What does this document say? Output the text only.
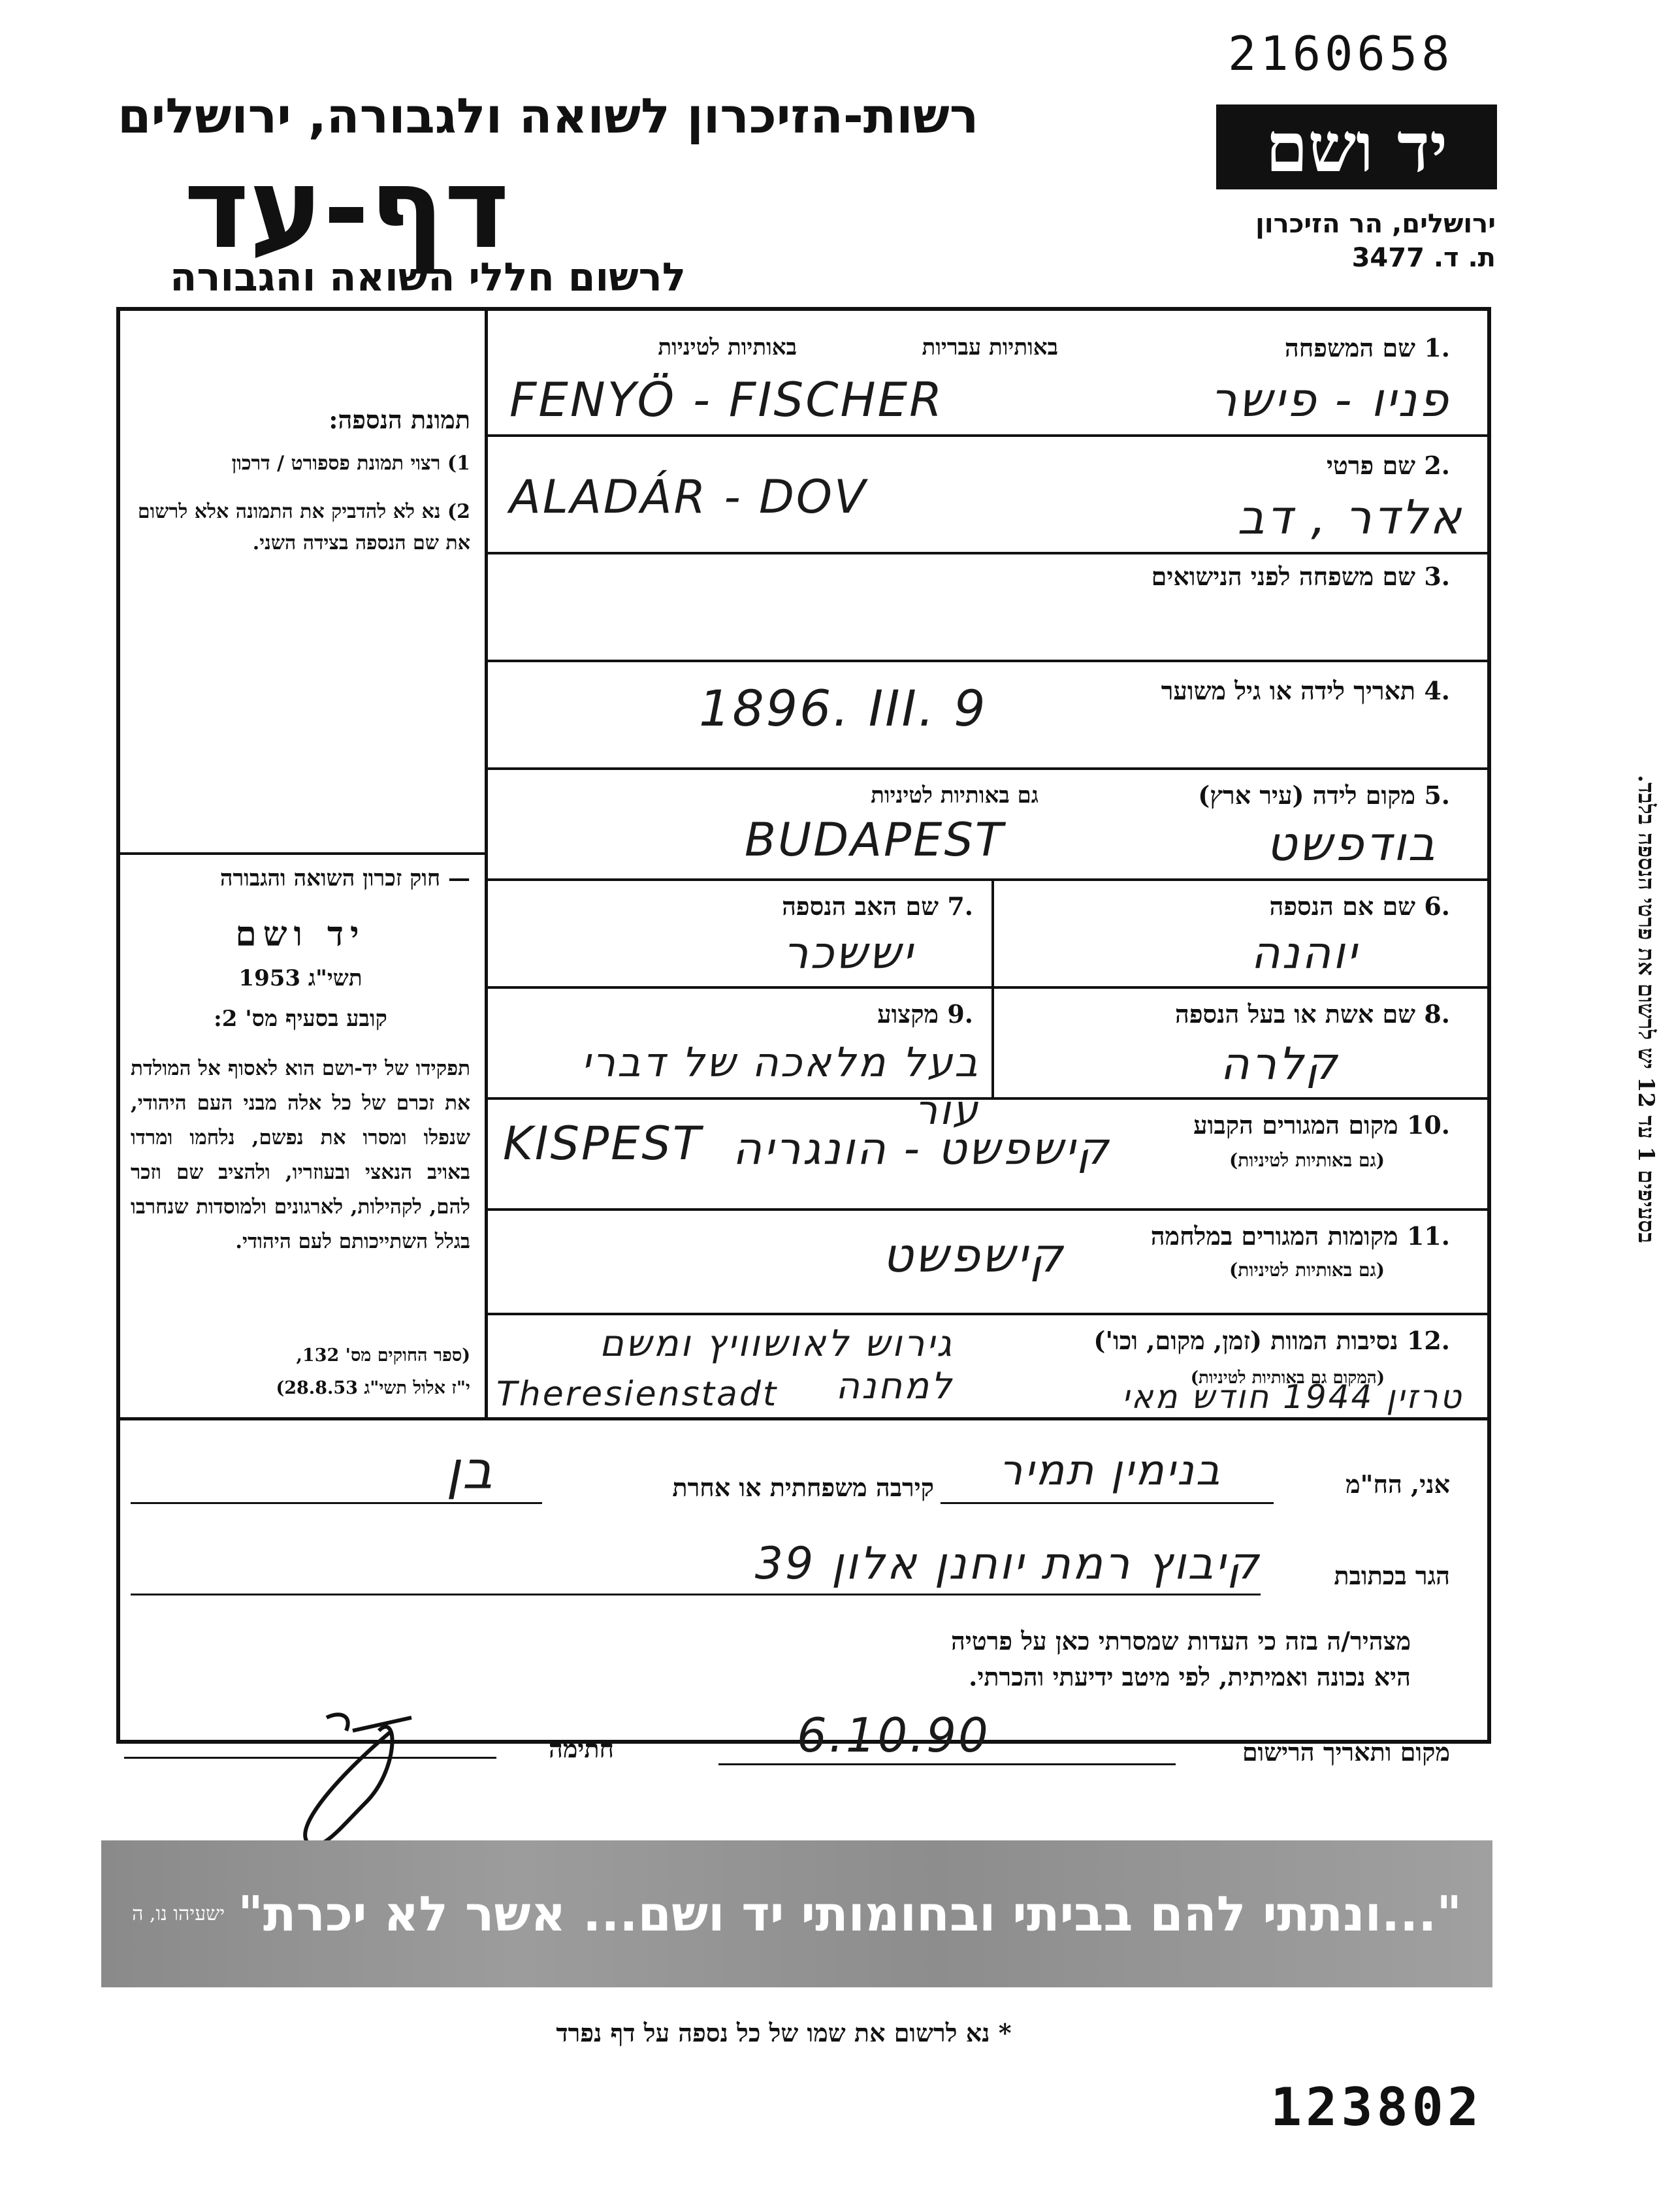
2160658
רשות-הזיכרון לשואה ולגבורה, ירושלים
דף-עד
לרשום חללי השואה והגבורה
יד ושם
ירושלים, הר הזיכרון
ת. ד. 3477
תמונת הנספה:
1) רצוי תמונת פספורט / דרכון
2) נא לא להדביק את התמונה אלא לרשום את שם הנספה בצידה השני.
— חוק זכרון השואה והגבורה
יד ושם
תשי"ג 1953
קובע בסעיף מס' 2:
תפקידו של יד-ושם הוא לאסוף אל המולדת את זכרם של כל אלה מבני העם היהודי, שנפלו ומסרו את נפשם, נלחמו ומרדו באויב הנאצי ובעוזריו, ולהציב שם וזכר להם, לקהילות, לארגונים ולמוסדות שנחרבו בגלל השתייכותם לעם היהודי.
(ספר החוקים מס' 132,
י"ז אלול תשי"ג 28.8.53)
בסעיפים 1 עד 12 יש לרשום את פרטי הנספה בלבד.
.1 שם המשפחה
באותיות עבריות
באותיות לטיניות
FENYÖ - FISCHER	פניו - פישר
.2 שם פרטי
ALADÁR - DOV	אלדר , דב
.3 שם משפחה לפני הנישואים
.4 תאריך לידה או גיל משוער
1896. III. 9
.5 מקום לידה (עיר ארץ)
גם באותיות לטיניות
BUDAPEST	בודפשט
.6 שם אם הנספה
יוהנה
.7 שם האב הנספה
יששכר
.8 שם אשת או בעל הנספה
קלרה
.9 מקצוע
בעל מלאכה של דברי עור	.10 מקום המגורים הקבוע
(גם באותיות לטיניות)
KISPEST קישפשט - הונגריה
.11 מקומות המגורים במלחמה
(גם באותיות לטיניות)
קישפשט
.12 נסיבות המוות (זמן, מקום, וכו')
(המקום גם באותיות לטיניות)
גירוש לאושוויץ ומשם למחנה
Theresienstadt	טרזין 1944 חודש מאי
אני, הח"מ
בנימין תמיר
קירבה משפחתית או אחרת
בן
הגר בכתובת
קיבוץ רמת יוחנן אלון 39
מצהיר/ה בזה כי העדות שמסרתי כאן על פרטיה
היא נכונה ואמיתית, לפי מיטב ידיעתי והכרתי.
מקום ותאריך הרישום
6.10.90
חתימה
"...ונתתי להם בביתי ובחומותי יד ושם... אשר לא יכרת"
ישעיהו נו, ה
* נא לרשום את שמו של כל נספה על דף נפרד
123802
